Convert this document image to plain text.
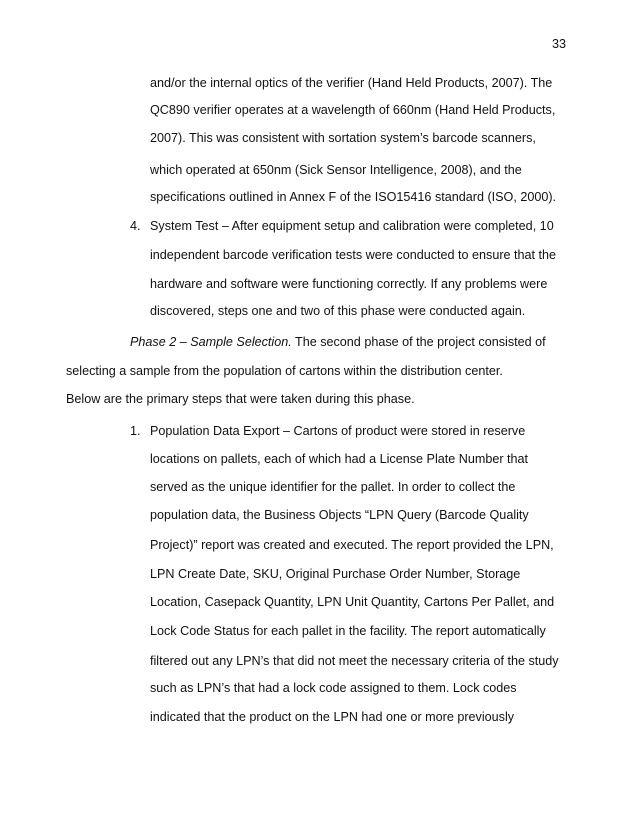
33
and/or the internal optics of the verifier (Hand Held Products, 2007). The
QC890 verifier operates at a wavelength of 660nm (Hand Held Products,
2007). This was consistent with sortation system’s barcode scanners,
which operated at 650nm (Sick Sensor Intelligence, 2008), and the
specifications outlined in Annex F of the ISO15416 standard (ISO, 2000).
4. System Test – After equipment setup and calibration were completed, 10
independent barcode verification tests were conducted to ensure that the
hardware and software were functioning correctly. If any problems were
discovered, steps one and two of this phase were conducted again.
Phase 2 – Sample Selection. The second phase of the project consisted of
selecting a sample from the population of cartons within the distribution center.
Below are the primary steps that were taken during this phase.
1. Population Data Export – Cartons of product were stored in reserve
locations on pallets, each of which had a License Plate Number that
served as the unique identifier for the pallet. In order to collect the
population data, the Business Objects “LPN Query (Barcode Quality
Project)” report was created and executed. The report provided the LPN,
LPN Create Date, SKU, Original Purchase Order Number, Storage
Location, Casepack Quantity, LPN Unit Quantity, Cartons Per Pallet, and
Lock Code Status for each pallet in the facility. The report automatically
filtered out any LPN’s that did not meet the necessary criteria of the study
such as LPN’s that had a lock code assigned to them. Lock codes
indicated that the product on the LPN had one or more previously
